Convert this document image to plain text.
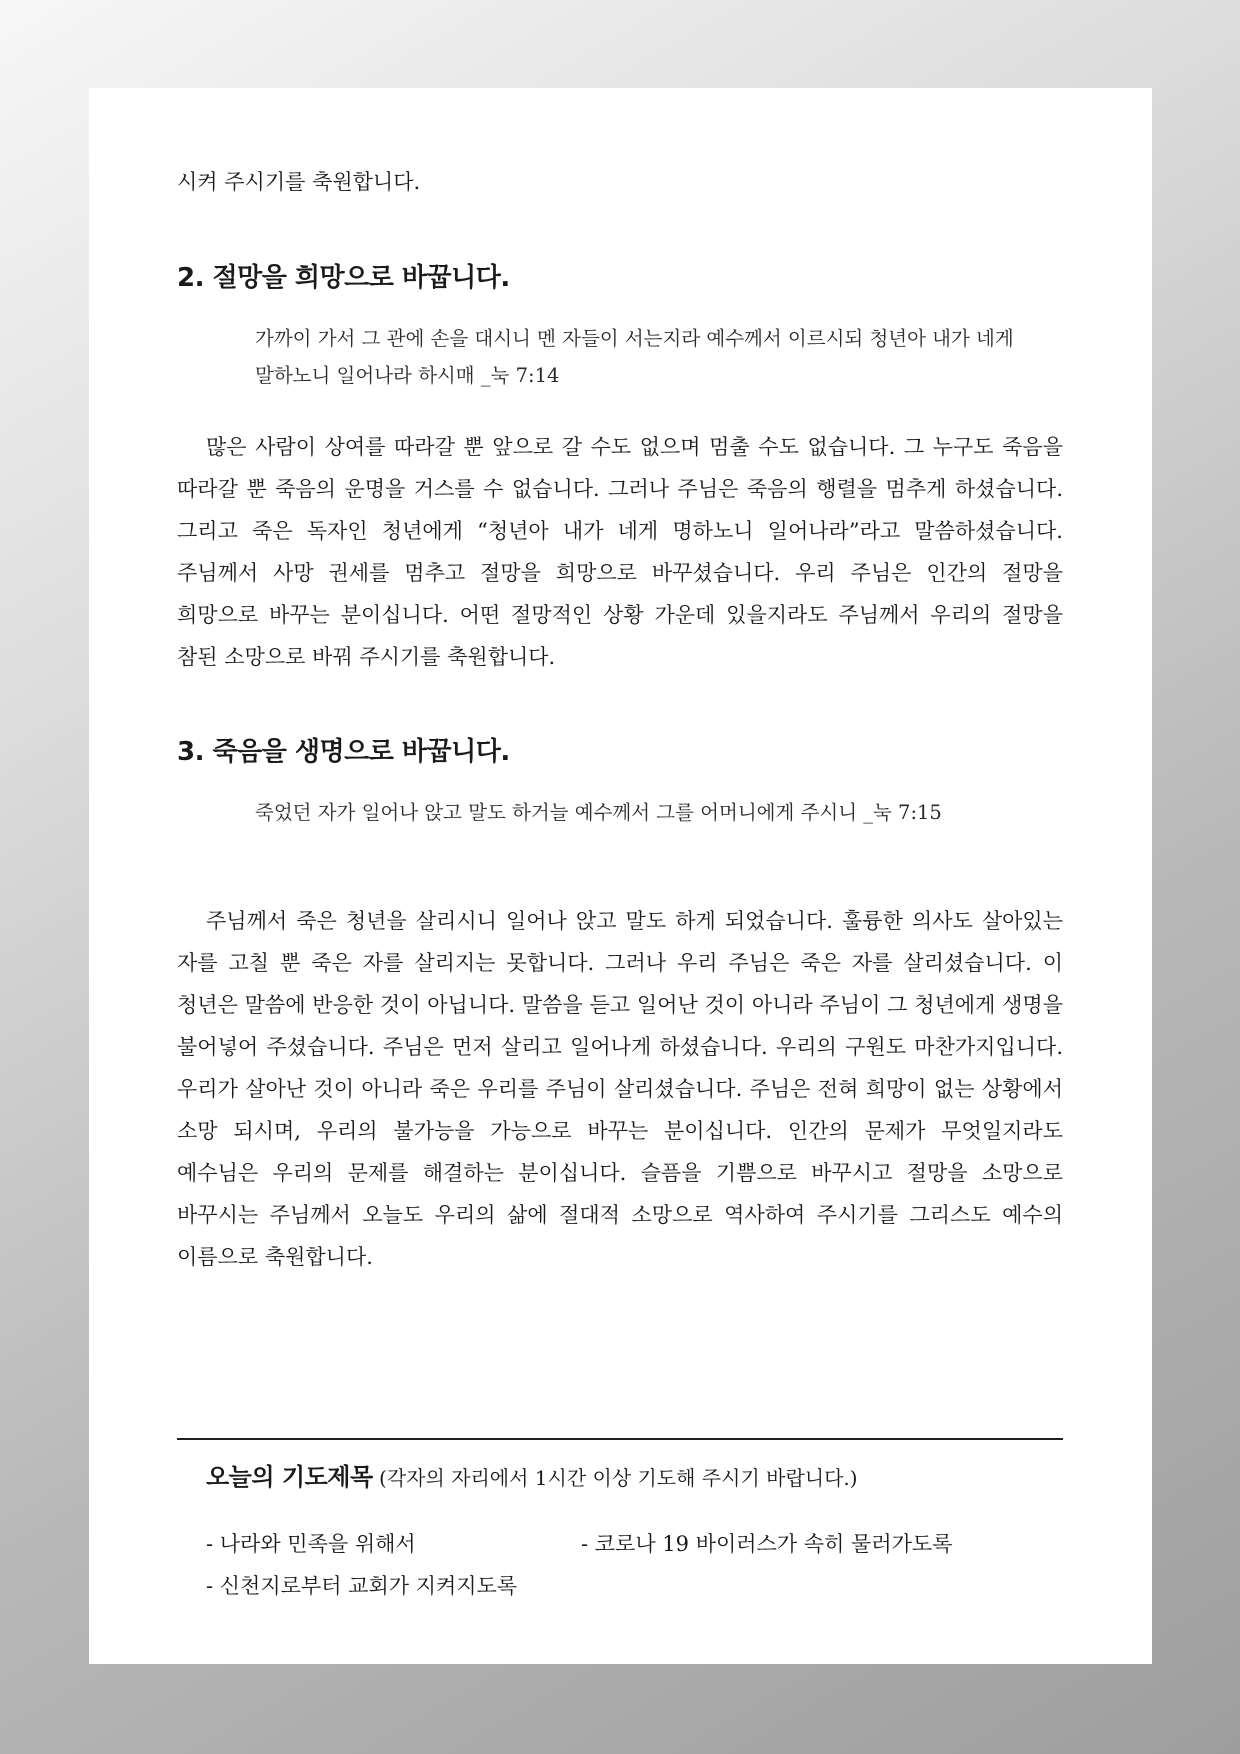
시켜 주시기를 축원합니다.

2. 절망을 희망으로 바꿉니다.

가까이 가서 그 관에 손을 대시니 멘 자들이 서는지라 예수께서 이르시되 청년아 내가 네게 말하노니 일어나라 하시매 _눅 7:14

많은 사람이 상여를 따라갈 뿐 앞으로 갈 수도 없으며 멈출 수도 없습니다. 그 누구도 죽음을 따라갈 뿐 죽음의 운명을 거스를 수 없습니다. 그러나 주님은 죽음의 행렬을 멈추게 하셨습니다. 그리고 죽은 독자인 청년에게 “청년아 내가 네게 명하노니 일어나라”라고 말씀하셨습니다. 주님께서 사망 권세를 멈추고 절망을 희망으로 바꾸셨습니다. 우리 주님은 인간의 절망을 희망으로 바꾸는 분이십니다. 어떤 절망적인 상황 가운데 있을지라도 주님께서 우리의 절망을 참된 소망으로 바꿔 주시기를 축원합니다.

3. 죽음을 생명으로 바꿉니다.

죽었던 자가 일어나 앉고 말도 하거늘 예수께서 그를 어머니에게 주시니 _눅 7:15

주님께서 죽은 청년을 살리시니 일어나 앉고 말도 하게 되었습니다. 훌륭한 의사도 살아있는 자를 고칠 뿐 죽은 자를 살리지는 못합니다. 그러나 우리 주님은 죽은 자를 살리셨습니다. 이 청년은 말씀에 반응한 것이 아닙니다. 말씀을 듣고 일어난 것이 아니라 주님이 그 청년에게 생명을 불어넣어 주셨습니다. 주님은 먼저 살리고 일어나게 하셨습니다. 우리의 구원도 마찬가지입니다. 우리가 살아난 것이 아니라 죽은 우리를 주님이 살리셨습니다. 주님은 전혀 희망이 없는 상황에서 소망 되시며, 우리의 불가능을 가능으로 바꾸는 분이십니다. 인간의 문제가 무엇일지라도 예수님은 우리의 문제를 해결하는 분이십니다. 슬픔을 기쁨으로 바꾸시고 절망을 소망으로 바꾸시는 주님께서 오늘도 우리의 삶에 절대적 소망으로 역사하여 주시기를 그리스도 예수의 이름으로 축원합니다.

오늘의 기도제목 (각자의 자리에서 1시간 이상 기도해 주시기 바랍니다.)

- 나라와 민족을 위해서	- 코로나 19 바이러스가 속히 물러가도록

- 신천지로부터 교회가 지켜지도록
